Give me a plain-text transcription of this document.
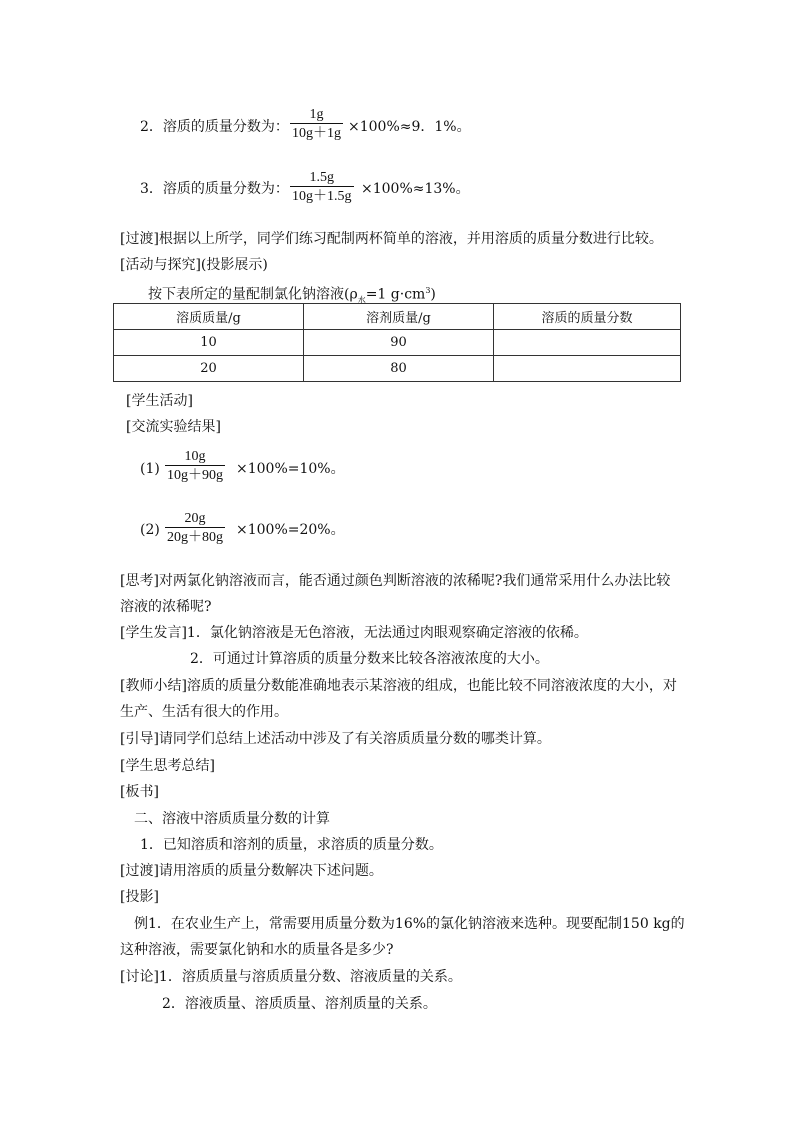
2．溶质的质量分数为： $\frac{1g}{10g+1g} \times 100\%\approx 9$．1%。
3．溶质的质量分数为： $\frac{1.5g}{10g+1.5g} \times 100\%\approx 13\%$。
[过渡]根据以上所学，同学们练习配制两杯简单的溶液，并用溶质的质量分数进行比较。
[活动与探究](投影展示)
按下表所定的量配制氯化钠溶液($\rho_水=1$ $g\cdot cm^3$)
溶质质量/g	溶剂质量/g	溶质的质量分数
10	90	
20	80	
[学生活动]
[交流实验结果]
$(1) \frac{10g}{10g+90g} \times 100\%=10\%$。
$(2) \frac{20g}{20g+80g} \times 100\%=20\%$。
[思考]对两氯化钠溶液而言，能否通过颜色判断溶液的浓稀呢?我们通常采用什么办法比较
溶液的浓稀呢?
[学生发言]1．氯化钠溶液是无色溶液，无法通过肉眼观察确定溶液的依稀。
2．可通过计算溶质的质量分数来比较各溶液浓度的大小。
[教师小结]溶质的质量分数能准确地表示某溶液的组成，也能比较不同溶液浓度的大小，对
生产、生活有很大的作用。
[引导]请同学们总结上述活动中涉及了有关溶质质量分数的哪类计算。
[学生思考总结]
[板书]
二、溶液中溶质质量分数的计算
1．已知溶质和溶剂的质量，求溶质的质量分数。
[过渡]请用溶质的质量分数解决下述问题。
[投影]
例1．在农业生产上，常需要用质量分数为16%的氯化钠溶液来选种。现要配制150 kg的
这种溶液，需要氯化钠和水的质量各是多少?
[讨论]1．溶质质量与溶质质量分数、溶液质量的关系。
2．溶液质量、溶质质量、溶剂质量的关系。
